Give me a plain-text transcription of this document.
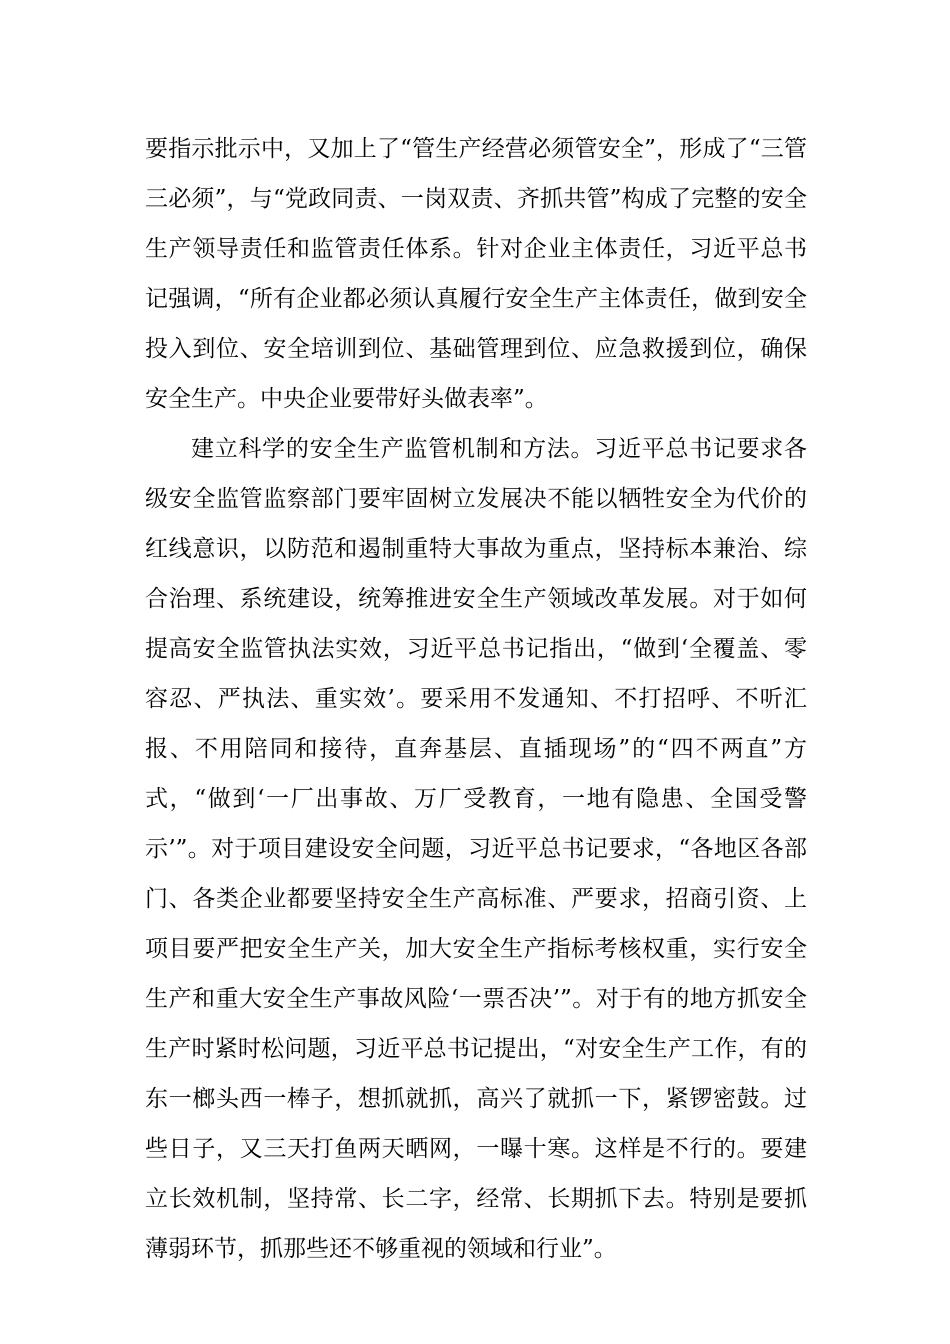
要指示批示中，又加上了“管生产经营必须管安全”，形成了“三管三必须”，与“党政同责、一岗双责、齐抓共管”构成了完整的安全生产领导责任和监管责任体系。针对企业主体责任，习近平总书记强调，“所有企业都必须认真履行安全生产主体责任，做到安全投入到位、安全培训到位、基础管理到位、应急救援到位，确保安全生产。中央企业要带好头做表率”。

建立科学的安全生产监管机制和方法。习近平总书记要求各级安全监管监察部门要牢固树立发展决不能以牺牲安全为代价的红线意识，以防范和遏制重特大事故为重点，坚持标本兼治、综合治理、系统建设，统筹推进安全生产领域改革发展。对于如何提高安全监管执法实效，习近平总书记指出，“做到‘全覆盖、零容忍、严执法、重实效’。要采用不发通知、不打招呼、不听汇报、不用陪同和接待，直奔基层、直插现场”的“四不两直”方式，“做到‘一厂出事故、万厂受教育，一地有隐患、全国受警示’”。对于项目建设安全问题，习近平总书记要求，“各地区各部门、各类企业都要坚持安全生产高标准、严要求，招商引资、上项目要严把安全生产关，加大安全生产指标考核权重，实行安全生产和重大安全生产事故风险‘一票否决’”。对于有的地方抓安全生产时紧时松问题，习近平总书记提出，“对安全生产工作，有的东一榔头西一棒子，想抓就抓，高兴了就抓一下，紧锣密鼓。过些日子，又三天打鱼两天晒网，一曝十寒。这样是不行的。要建立长效机制，坚持常、长二字，经常、长期抓下去。特别是要抓薄弱环节，抓那些还不够重视的领域和行业”。
